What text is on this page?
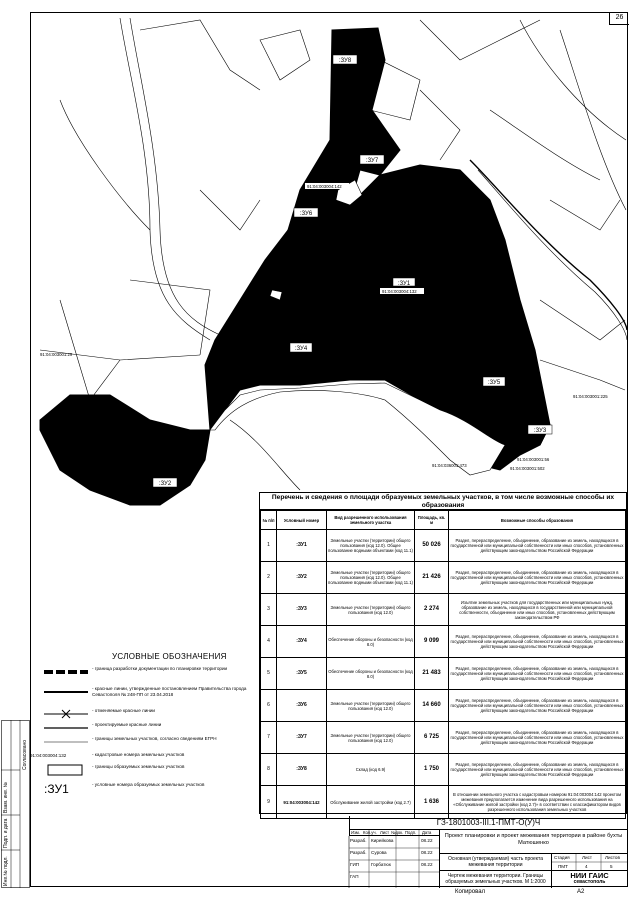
26
:ЗУ8
:ЗУ7
:ЗУ6
:ЗУ1
:ЗУ4
:ЗУ5
:ЗУ3
:ЗУ2
91:04:003004:142
91:04:003004:132
91:04:003001:29
91:04:003001:225
91:04:003001:56
91:04:003001:502
91:04:036001:473
Инв.№ подл.
Подп. и дата
Взам. инв. №
Согласовано
Перечень и сведения о площади образуемых земельных участков, в том числе возможные способы их образования
№ п/п	Условный номер	Вид разрешенного использования земельного участка	Площадь, кв. м	Возможные способы образования
1	:ЗУ1	Земельные участки (территории) общего пользования (код 12.0). Общее пользование водными объектами (код 11.1)	50 026	Раздел, перераспределение, объединение, образование из земель, находящихся в государственной или муниципальной собственности или иных способов, установленных действующим законодательством Российской Федерации
2	:ЗУ2	Земельные участки (территории) общего пользования (код 12.0). Общее пользование водными объектами (код 11.1)	21 426	Раздел, перераспределение, объединение, образование из земель, находящихся в государственной или муниципальной собственности или иных способов, установленных действующим законодательством Российской Федерации
3	:ЗУ3	Земельные участки (территории) общего пользования (код 12.0)	2 274	Изъятие земельных участков для государственных или муниципальных нужд, образование из земель, находящихся в государственной или муниципальной собственности, объединение или иных способов, установленных действующим законодательством РФ
4	:ЗУ4	Обеспечение обороны и безопасности (код 8.0)	9 099	Раздел, перераспределение, объединение, образование из земель, находящихся в государственной или муниципальной собственности или иных способов, установленных действующим законодательством Российской Федерации
5	:ЗУ5	Обеспечение обороны и безопасности (код 8.0)	21 483	Раздел, перераспределение, объединение, образование из земель, находящихся в государственной или муниципальной собственности или иных способов, установленных действующим законодательством Российской Федерации
6	:ЗУ6	Земельные участки (территории) общего пользования (код 12.0)	14 660	Раздел, перераспределение, объединение, образование из земель, находящихся в государственной или муниципальной собственности или иных способов, установленных действующим законодательством Российской Федерации
7	:ЗУ7	Земельные участки (территории) общего пользования (код 12.0)	6 725	Раздел, перераспределение, объединение, образование из земель, находящихся в государственной или муниципальной собственности или иных способов, установленных действующим законодательством Российской Федерации
8	:ЗУ8	Склад (код 6.9)	1 750	Раздел, перераспределение, объединение, образование из земель, находящихся в государственной или муниципальной собственности или иных способов, установленных действующим законодательством Российской Федерации
9	91:04:003004:142	Обслуживание жилой застройки (код 2.7)	1 636	В отношении земельного участка с кадастровым номером 91:04:003004:142 проектом межевания предполагается изменение вида разрешенного использования на «Обслуживание жилой застройки (код 2.7)» в соответствии с классификатором видов разрешенного использования земельных участков
УСЛОВНЫЕ ОБОЗНАЧЕНИЯ
- граница разработки документации по планировке территории
- красные линии, утвержденные постановлением Правительства города Севастополя № 248-ПП от 23.04.2018
- отменяемые красные линии
- проектируемые красные линии
- границы земельных участков, согласно сведениям ЕГРН
91:04:003004:132	- кадастровые номера земельных участков
- границы образуемых земельных участков
:ЗУ1	- условные номера образуемых земельных участков
ГЗ-1801003-III.1-ПМТ-О(У)Ч
Изм. Кол.уч. Лист №док. Подп. Дата
Проект планировки и проект межевания территории в районе бухты Матюшенко
Разраб. Кирейкова	08.22
Разраб. Сурова	08.22
ГИП	Горбатюк	08.22
ГАП
Основная (утверждаемая) часть проекта межевания территории
Стадия	Лист	Листов
ПМТ	4	5
Чертеж межевания территории. Границы образуемых земельных участков. М 1:2000
НИИ ГАИС
севастополь
Копировал	А2
